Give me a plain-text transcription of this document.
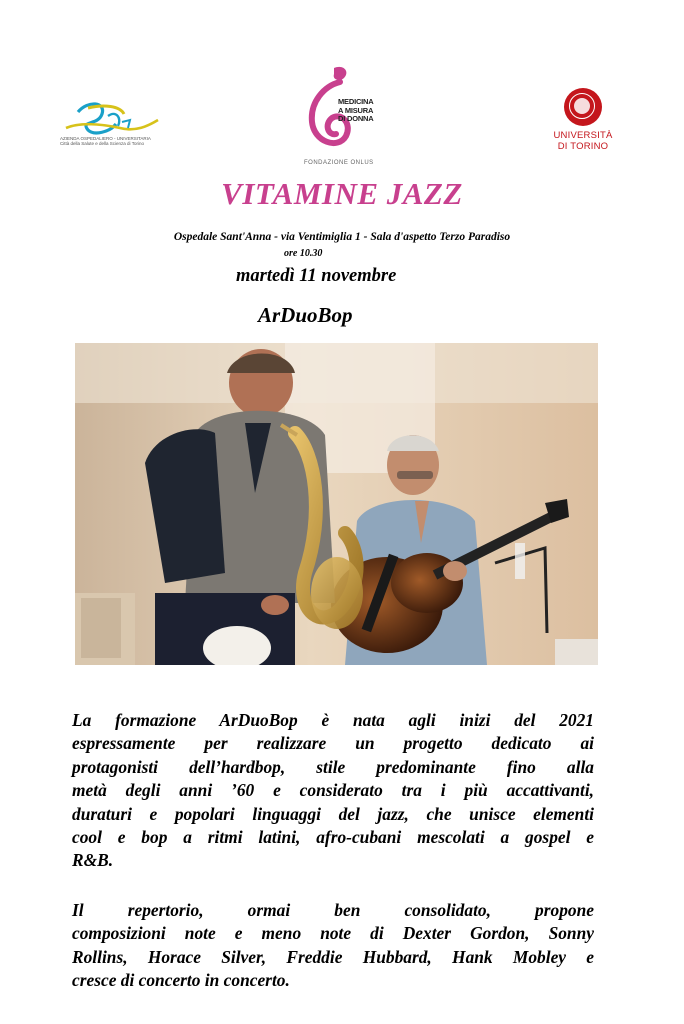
AZIENDA OSPEDALIERO - UNIVERSITARIA
Città della Salute e della Scienza di Torino
MEDICINA
A MISURA
DI DONNA
FONDAZIONE ONLUS
UNIVERSITÀ
DI TORINO
VITAMINE JAZZ
Ospedale Sant'Anna - via Ventimiglia 1 - Sala d'aspetto Terzo Paradiso
ore 10.30
martedì 11 novembre
ArDuoBop
La formazione ArDuoBop è nata agli inizi del 2021
espressamente per realizzare un progetto dedicato ai
protagonisti dell’hardbop, stile predominante fino alla
metà degli anni ’60 e considerato tra i più accattivanti,
duraturi e popolari linguaggi del jazz, che unisce elementi
cool e bop a ritmi latini, afro-cubani mescolati a gospel e
R&B.
Il repertorio, ormai ben consolidato, propone
composizioni note e meno note di Dexter Gordon, Sonny
Rollins, Horace Silver, Freddie Hubbard, Hank Mobley e
cresce di concerto in concerto.
